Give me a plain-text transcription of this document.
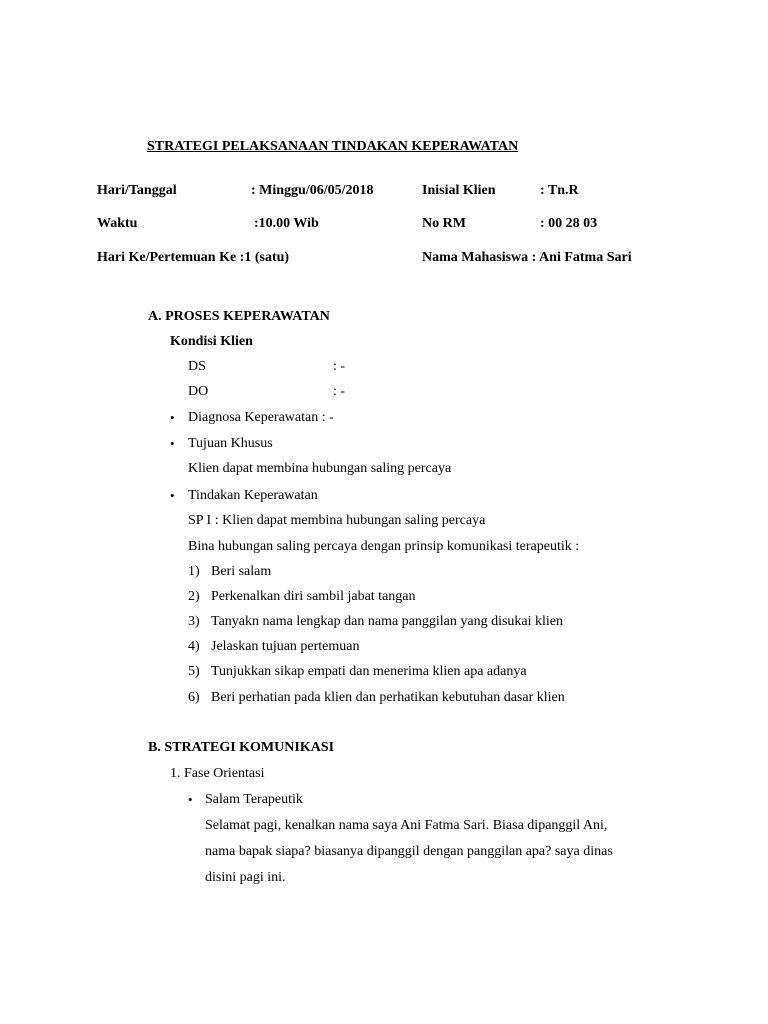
STRATEGI PELAKSANAAN TINDAKAN KEPERAWATAN
Hari/Tanggal	: Minggu/06/05/2018	Inisial Klien	: Tn.R
Waktu	:10.00 Wib	No RM	: 00 28 03
Hari Ke/Pertemuan Ke :1 (satu)	Nama Mahasiswa : Ani Fatma Sari
A. PROSES KEPERAWATAN
Kondisi Klien
DS	: -
DO	: -
• Diagnosa Keperawatan : -
• Tujuan Khusus
Klien dapat membina hubungan saling percaya
• Tindakan Keperawatan
SP I : Klien dapat membina hubungan saling percaya
Bina hubungan saling percaya dengan prinsip komunikasi terapeutik :
1) Beri salam
2) Perkenalkan diri sambil jabat tangan
3) Tanyakn nama lengkap dan nama panggilan yang disukai klien
4) Jelaskan tujuan pertemuan
5) Tunjukkan sikap empati dan menerima klien apa adanya
6) Beri perhatian pada klien dan perhatikan kebutuhan dasar klien
B. STRATEGI KOMUNIKASI
1. Fase Orientasi
• Salam Terapeutik
Selamat pagi, kenalkan nama saya Ani Fatma Sari. Biasa dipanggil Ani,
nama bapak siapa? biasanya dipanggil dengan panggilan apa? saya dinas
disini pagi ini.
